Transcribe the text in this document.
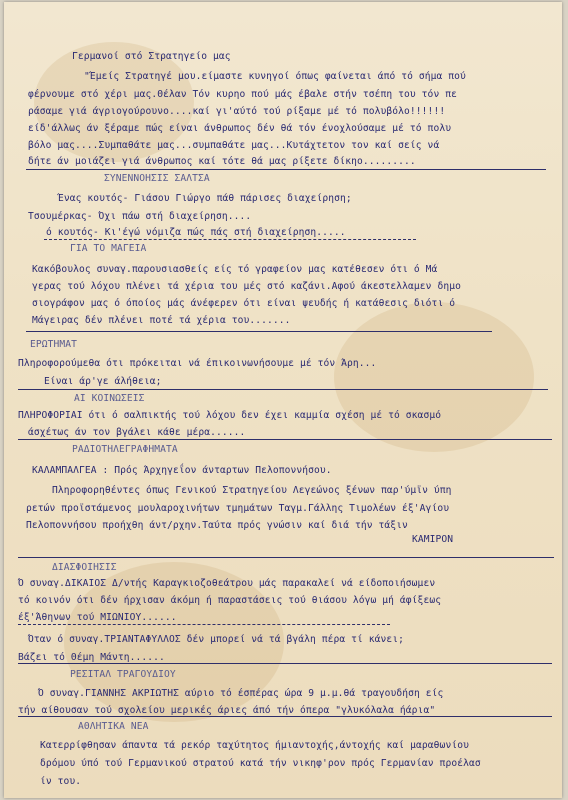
Γερμανοί στό Στρατηγείο μας
"Έμείς Στρατηγέ μου.είμαστε κυνηγοί όπως φαίνεται άπό τό σήμα πού
φέρνουμε στό χέρι μας.Θέλαν Τόν κυρηο πού μάς έβαλε στήν τσέπη του τόν πε
ράσαμε γιά άγριογούρουνο....καί γι'αύτό τού ρίξαμε μέ τό πολυβόλο!!!!!!
είδ'άλλως άν ξέραμε πώς είναι άνθρωπος δέν θά τόν ένοχλούσαμε μέ τό πολυ
βόλο μας....Συμπαθάτε μας...συμπαθάτε μας...Κυτάχτετον τον καί σείς νά
δήτε άν μοιάζει γιά άνθρωπος καί τότε θά μας ρίξετε δίκηο.........
ΣΥΝΕΝΝΟΗΣΙΣ ΣΑΛΤΣΑ
Ένας κουτός- Γιάσου Γιώργο πάθ πάρισες διαχείρηση;
Τσουμέρκας- Όχι πάω στή διαχείρηση....
ό κουτός- Κι'έγώ νόμιζα πώς πάς στή διαχείρηση.....
ΓΙΑ ΤΟ ΜΑΓΕΙΑ
Κακόβουλος συναγ.παρουσιασθείς είς τό γραφείον μας κατέθεσεν ότι ό Μά
γερας τού λόχου πλένει τά χέρια του μές στό καζάνι.Αφού άκεστελλαμεν δημο
σιογράφον μας ό όποίος μάς άνέφερεν ότι είναι ψευδής ή κατάθεσις διότι ό
Μάγειρας δέν πλένει ποτέ τά χέρια του.......
ΕΡΩΤΗΜΑΤ
Πληροφορούμεθα ότι πρόκειται νά έπικοινωνήσουμε μέ τόν Άρη...
Είναι άρ'γε άλήθεια;
ΑΙ ΚΟΙΝΩΣΕΙΣ
ΠΛΗΡΟΦΟΡΙΑΙ ότι ό σαλπικτής τού λόχου δεν έχει καμμία σχέση μέ τό σκασμό
άσχέτως άν τον βγάλει κάθε μέρα......
ΡΑΔΙΟΤΗΛΕΓΡΑΦΗΜΑΤΑ
ΚΑΛΑΜΠΑΛΓΕΑ : Πρός Άρχηγεΐον άνταρτων Πελοποννήσου.
Πληροφορηθέντες όπως Γενικού Στρατηγείου Λεγεώνος ξένων παρ'ύμϊν ύπη
ρετών προϊστάμενος μουλαροχινήτων τμημάτων Ταγμ.Γάλλης Τιμολέων έξ'Αγίου
Πελοποννήσου προήχθη άντ/ρχην.Ταύτα πρός γνώσιν καί διά τήν τάξιν
ΚΑΜΙΡΟΝ
ΔΙΑΣΦΟΙΗΣΙΣ
Ό συναγ.ΔΙΚΑΙΟΣ Δ/ντής Καραγκιοζοθεάτρου μάς παρακαλεί νά είδοποιήσωμεν
τό κοινόν ότι δέν ήρχισαν άκόμη ή παραστάσεις τού θιάσου λόγω μή άφίξεως
έξ'Άθηνων τού ΜΙΩΝΙΟΥ......
Όταν ό συναγ.ΤΡΙΑΝΤΑΦΥΛΛΟΣ δέν μπορεί νά τά βγάλη πέρα τί κάνει;
Βάζει τό Θέμη Μάντη......
ΡΕΣΙΤΑΛ ΤΡΑΓΟΥΔΙΟΥ
Ό συναγ.ΓΙΑΝΝΗΣ ΑΚΡΙΩΤΗΣ αύριο τό έσπέρας ώρα 9 μ.μ.θά τραγουδήση είς
τήν αίθουσαν τού σχολείου μερικές άριες άπό τήν όπερα "γλυκόλαλα ήάρια"
ΑΘΛΗΤΙΚΑ ΝΕΑ
Κατερρίφθησαν άπαντα τά ρεκόρ ταχύτητος ήμιαντοχής,άντοχής καί μαραθωνίου
δρόμου ύπό τού Γερμανικού στρατού κατά τήν νικηφ'ρον πρός Γερμανίαν προέλασ
ίν του.
